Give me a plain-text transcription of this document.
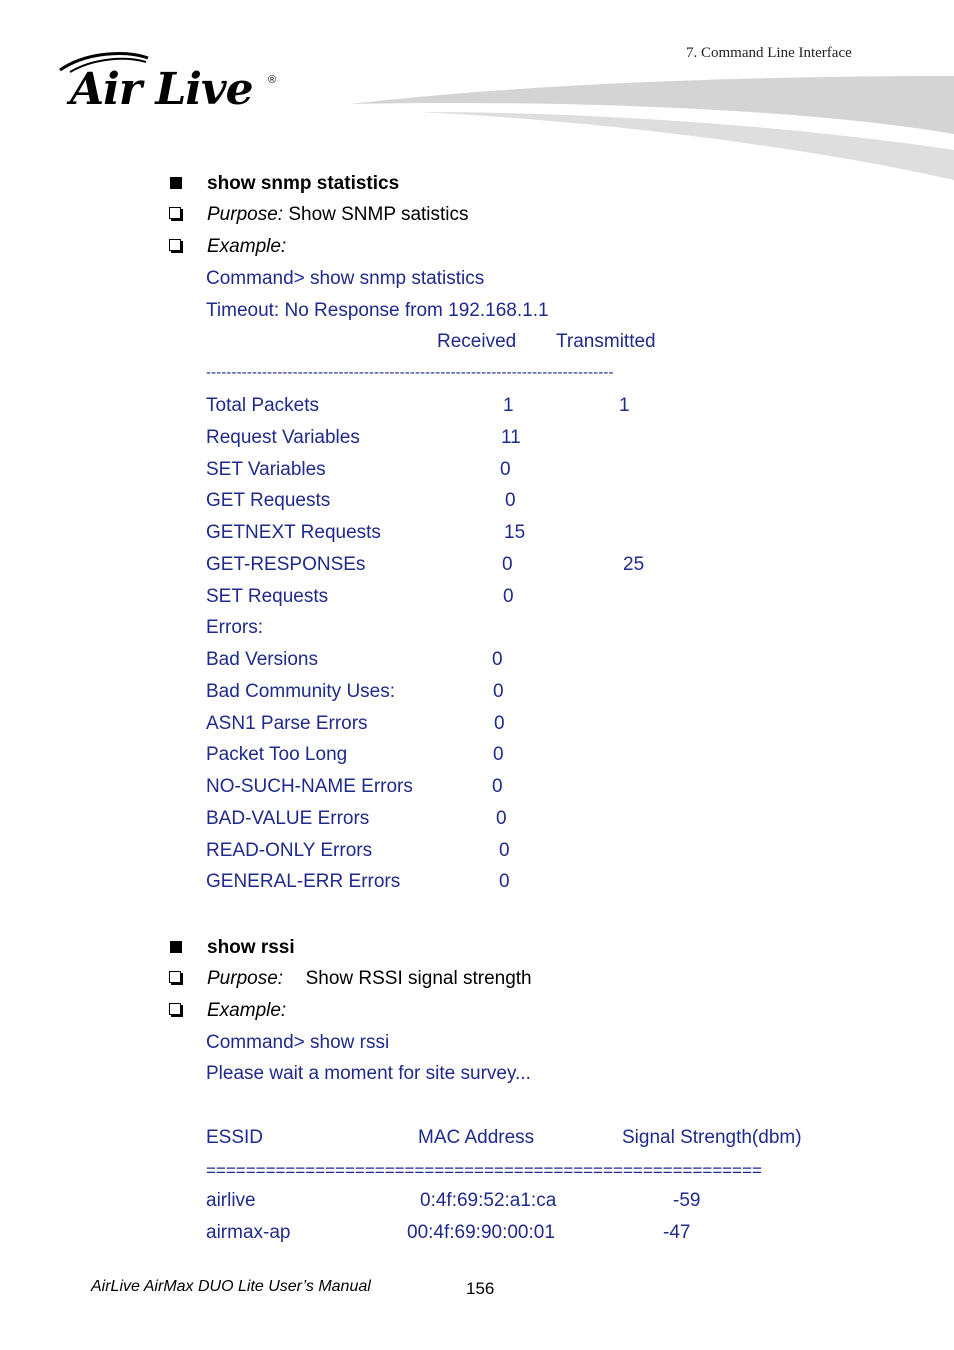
7. Command Line Interface
Air Live ®
show snmp statistics
Purpose: Show SNMP satistics
Example:
Command> show snmp statistics
Timeout: No Response from 192.168.1.1
Received Transmitted
--------------------------------------------------------------------------------
Total Packets	1	1
Request Variables	11
SET Variables	0
GET Requests	0
GETNEXT Requests	15
GET-RESPONSEs	0	25
SET Requests	0
Errors:
Bad Versions	0
Bad Community Uses:	0
ASN1 Parse Errors	0
Packet Too Long	0
NO-SUCH-NAME Errors	0
BAD-VALUE Errors	0
READ-ONLY Errors	0
GENERAL-ERR Errors	0
show rssi
Purpose: Show RSSI signal strength
Example:
Command> show rssi
Please wait a moment for site survey...
ESSID	MAC Address	Signal Strength(dbm)
========================================================
airlive	0:4f:69:52:a1:ca	-59
airmax-ap	00:4f:69:90:00:01	-47
AirLive AirMax DUO Lite User’s Manual	156
